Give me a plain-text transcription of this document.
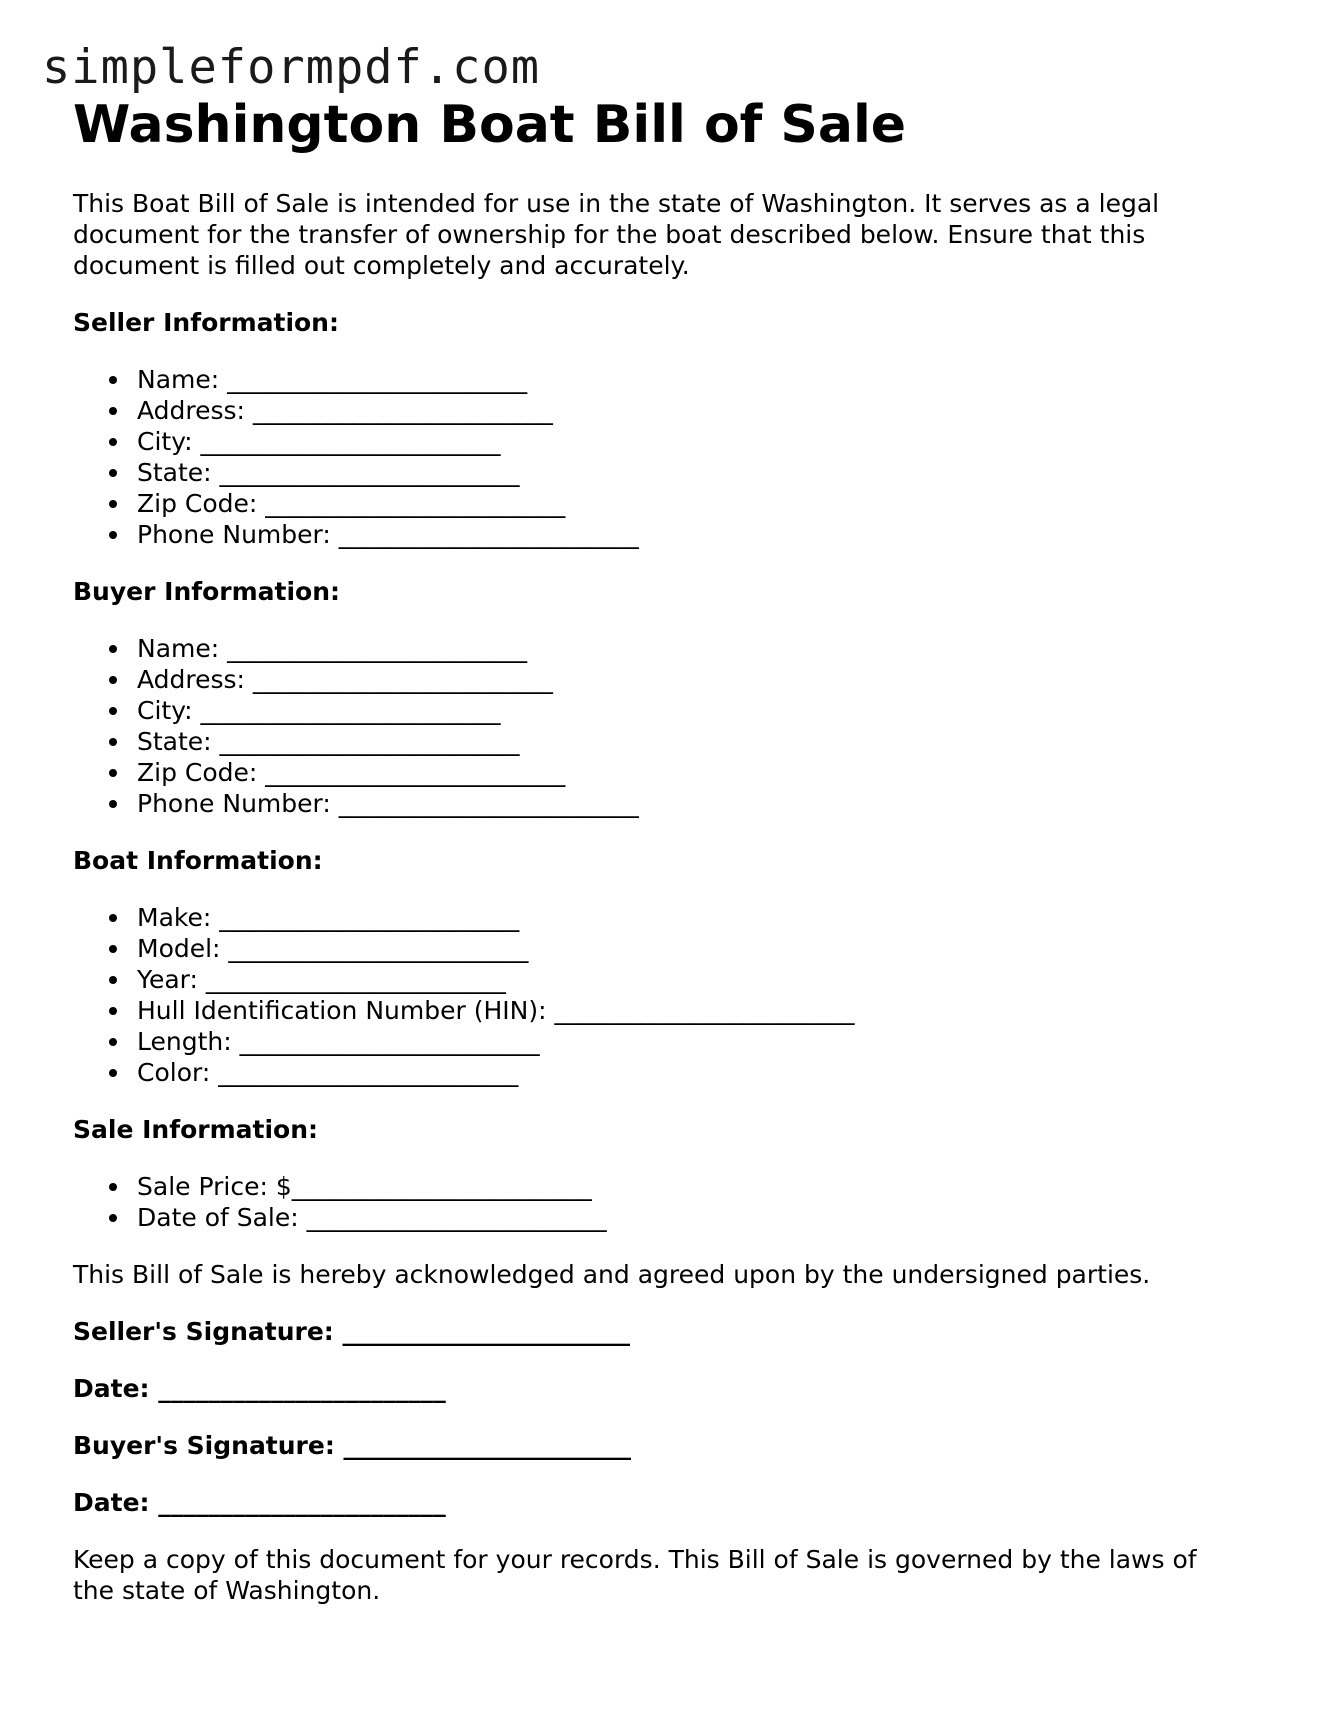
simpleformpdf.com
Washington Boat Bill of Sale

This Boat Bill of Sale is intended for use in the state of Washington. It serves as a legal document for the transfer of ownership for the boat described below. Ensure that this document is filled out completely and accurately.

Seller Information:

Name: ________________________
Address: ________________________
City: ________________________
State: ________________________
Zip Code: ________________________
Phone Number: ________________________

Buyer Information:

Name: ________________________
Address: ________________________
City: ________________________
State: ________________________
Zip Code: ________________________
Phone Number: ________________________

Boat Information:

Make: ________________________
Model: ________________________
Year: ________________________
Hull Identification Number (HIN): ________________________
Length: ________________________
Color: ________________________

Sale Information:

Sale Price: $________________________
Date of Sale: ________________________

This Bill of Sale is hereby acknowledged and agreed upon by the undersigned parties.

Seller's Signature: _______________________

Date: _______________________

Buyer's Signature: _______________________

Date: _______________________

Keep a copy of this document for your records. This Bill of Sale is governed by the laws of the state of Washington.
